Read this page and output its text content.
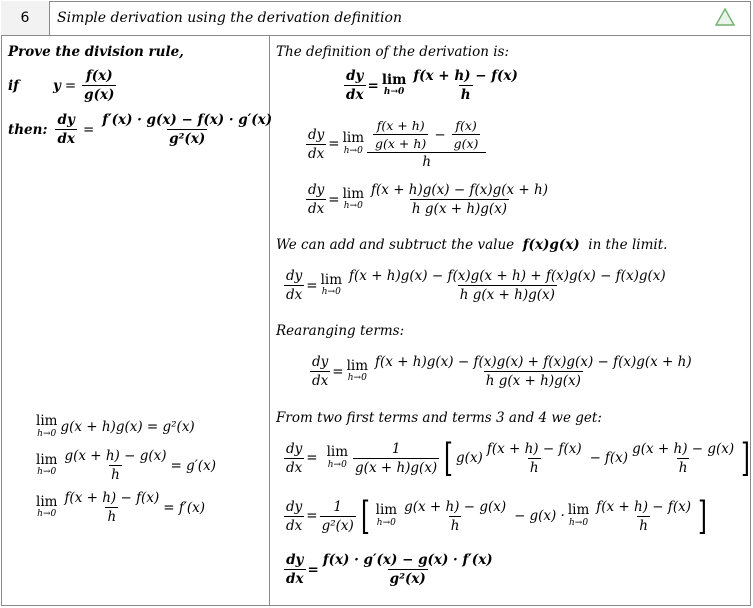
6	Simple derivation using the derivation definition
Prove the division rule,
if	$y = \frac{f(x)}{g(x)}$
then: $\frac{dy}{dx} = \frac{f'(x) \cdot g(x) - f(x) \cdot g'(x)}{\text{g²(x)}}$
lim
h→0 g(x + h)g(x) = g²(x)
lim
$h\to 0 \frac{g(x + h) - g(x)}{h} = g'(x)$
lim
$h\to 0 \frac{f(x + h) - f(x)}{h} = f'(x)$
The definition of the derivation is:
$\frac{dy}{dx} = \lim$
$h\to 0 \frac{f(x + h) - f(x)}{h}$
$\frac{dy}{dx} = \lim$
$h\to 0 \frac{\frac{f(x + h)}{g(x + h)} - \frac{f(x)}{g(x)}}{h}$
$\frac{dy}{dx} = \lim$
$h\to 0 \frac{f(x + h)g(x) - f(x)g(x + h)}{\text{h g(x + h)g(x)}}$
We can add and subtruct the value f(x)g(x) in the limit.
$\frac{dy}{dx} = \lim$
$h\to 0 \frac{f(x + h)g(x) - f(x)g(x + h) + f(x)g(x) - f(x)g(x)}{\text{h g(x + h)g(x)}}$
Rearanging terms:
$\frac{dy}{dx} = \lim$
$h\to 0 \frac{f(x + h)g(x) - f(x)g(x) + f(x)g(x) - f(x)g(x + h)}{\text{h g(x + h)g(x)}}$
From two first terms and terms 3 and 4 we get:
$\frac{dy}{dx} = \lim$
$h\to 0 \frac{1}{g(x + h)g(x)}$ [ $g(x) \frac{f(x + h) - f(x)}{h} - f(x) \frac{g(x + h) - g(x)}{h}$ ]
$\frac{dy}{dx} = \frac{1}{\text{g²(x)}}$ [ lim
$h\to 0 \frac{g(x + h) - g(x)}{h} - g(x) \cdot \lim$
$h\to 0 \frac{f(x + h) - f(x)}{h}$ ]
$\frac{dy}{dx} = \frac{f(x) \cdot g'(x) - g(x) \cdot f'(x)}{\text{g²(x)}}$
